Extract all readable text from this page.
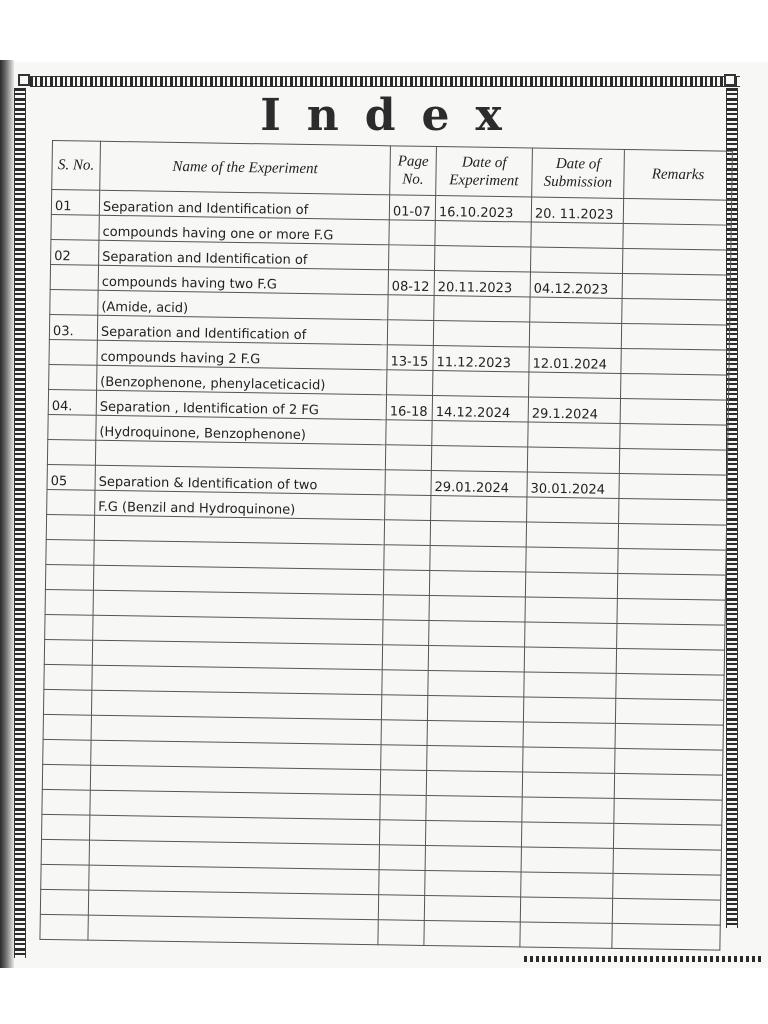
Index
S. No.	Name of the Experiment	Page No.	Date of Experiment	Date of Submission	Remarks
01	Separation and Identification of	01-07	16.10.2023	20. 11.2023	
	compounds having one or more F.G				
02	Separation and Identification of				
	compounds having two F.G	08-12	20.11.2023	04.12.2023	
	(Amide, acid)				
03.	Separation and Identification of				
	compounds having 2 F.G	13-15	11.12.2023	12.01.2024	
	(Benzophenone, phenylaceticacid)				
04.	Separation , Identification of 2 FG	16-18	14.12.2024	29.1.2024	
	(Hydroquinone, Benzophenone)				

05	Separation & Identification of two		29.01.2024	30.01.2024	
	F.G (Benzil and Hydroquinone)				
